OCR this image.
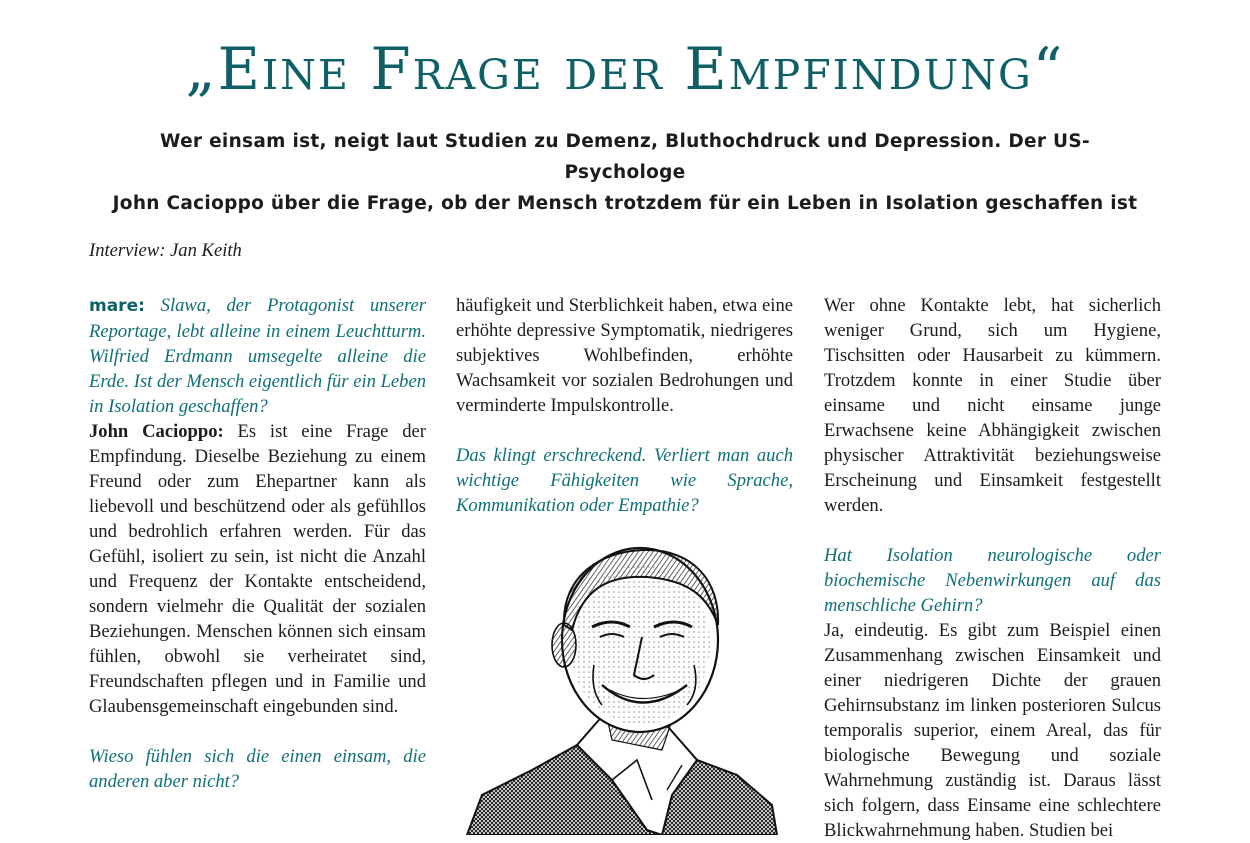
„Eine Frage der Empfindung“
Wer einsam ist, neigt laut Studien zu Demenz, Bluthochdruck und Depression. Der US-Psychologe
John Cacioppo über die Frage, ob der Mensch trotzdem für ein Leben in Isolation geschaffen ist
Interview: Jan Keith

mare: Slawa, der Protagonist unserer Reportage, lebt alleine in einem Leuchtturm. Wilfried Erdmann umsegelte alleine die Erde. Ist der Mensch eigentlich für ein Leben in Isolation geschaffen?

John Cacioppo: Es ist eine Frage der Empfindung. Dieselbe Beziehung zu einem Freund oder zum Ehepartner kann als liebevoll und beschützend oder als gefühllos und bedrohlich erfahren werden. Für das Gefühl, isoliert zu sein, ist nicht die Anzahl und Frequenz der Kontakte entscheidend, sondern vielmehr die Qualität der sozialen Beziehungen. Menschen können sich einsam fühlen, obwohl sie verheiratet sind, Freundschaften pflegen und in Familie und Glaubensgemeinschaft eingebunden sind.

Wieso fühlen sich die einen einsam, die anderen aber nicht?

häufigkeit und Sterblichkeit haben, etwa eine erhöhte depressive Symptomatik, niedrigeres subjektives Wohlbefinden, erhöhte Wachsamkeit vor sozialen Bedrohungen und verminderte Impulskontrolle.

Das klingt erschreckend. Verliert man auch wichtige Fähigkeiten wie Sprache, Kommunikation oder Empathie?

Wer ohne Kontakte lebt, hat sicherlich weniger Grund, sich um Hygiene, Tischsitten oder Hausarbeit zu kümmern. Trotzdem konnte in einer Studie über einsame und nicht einsame junge Erwachsene keine Abhängigkeit zwischen physischer Attraktivität beziehungsweise Erscheinung und Einsamkeit festgestellt werden.

Hat Isolation neurologische oder biochemische Nebenwirkungen auf das menschliche Gehirn?

Ja, eindeutig. Es gibt zum Beispiel einen Zusammenhang zwischen Einsamkeit und einer niedrigeren Dichte der grauen Gehirnsubstanz im linken posterioren Sulcus temporalis superior, einem Areal, das für biologische Bewegung und soziale Wahrnehmung zuständig ist. Daraus lässt sich folgern, dass Einsame eine schlechtere Blickwahrnehmung haben. Studien bei
